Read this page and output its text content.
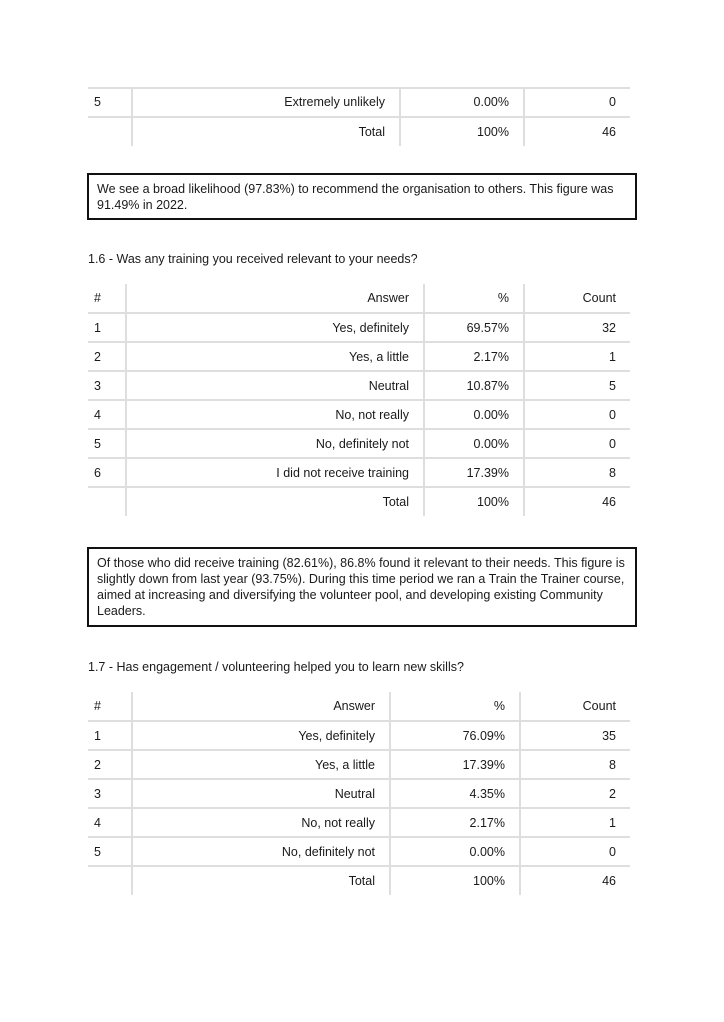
5	Extremely unlikely	0.00%	0
	Total	100%	46
We see a broad likelihood (97.83%) to recommend the organisation to others. This figure was 91.49% in 2022.
1.6 - Was any training you received relevant to your needs?
#	Answer	%	Count
1	Yes, definitely	69.57%	32
2	Yes, a little	2.17%	1
3	Neutral	10.87%	5
4	No, not really	0.00%	0
5	No, definitely not	0.00%	0
6	I did not receive training	17.39%	8
	Total	100%	46
Of those who did receive training (82.61%), 86.8% found it relevant to their needs. This figure is slightly down from last year (93.75%). During this time period we ran a Train the Trainer course, aimed at increasing and diversifying the volunteer pool, and developing existing Community Leaders.
1.7 - Has engagement / volunteering helped you to learn new skills?
#	Answer	%	Count
1	Yes, definitely	76.09%	35
2	Yes, a little	17.39%	8
3	Neutral	4.35%	2
4	No, not really	2.17%	1
5	No, definitely not	0.00%	0
	Total	100%	46
